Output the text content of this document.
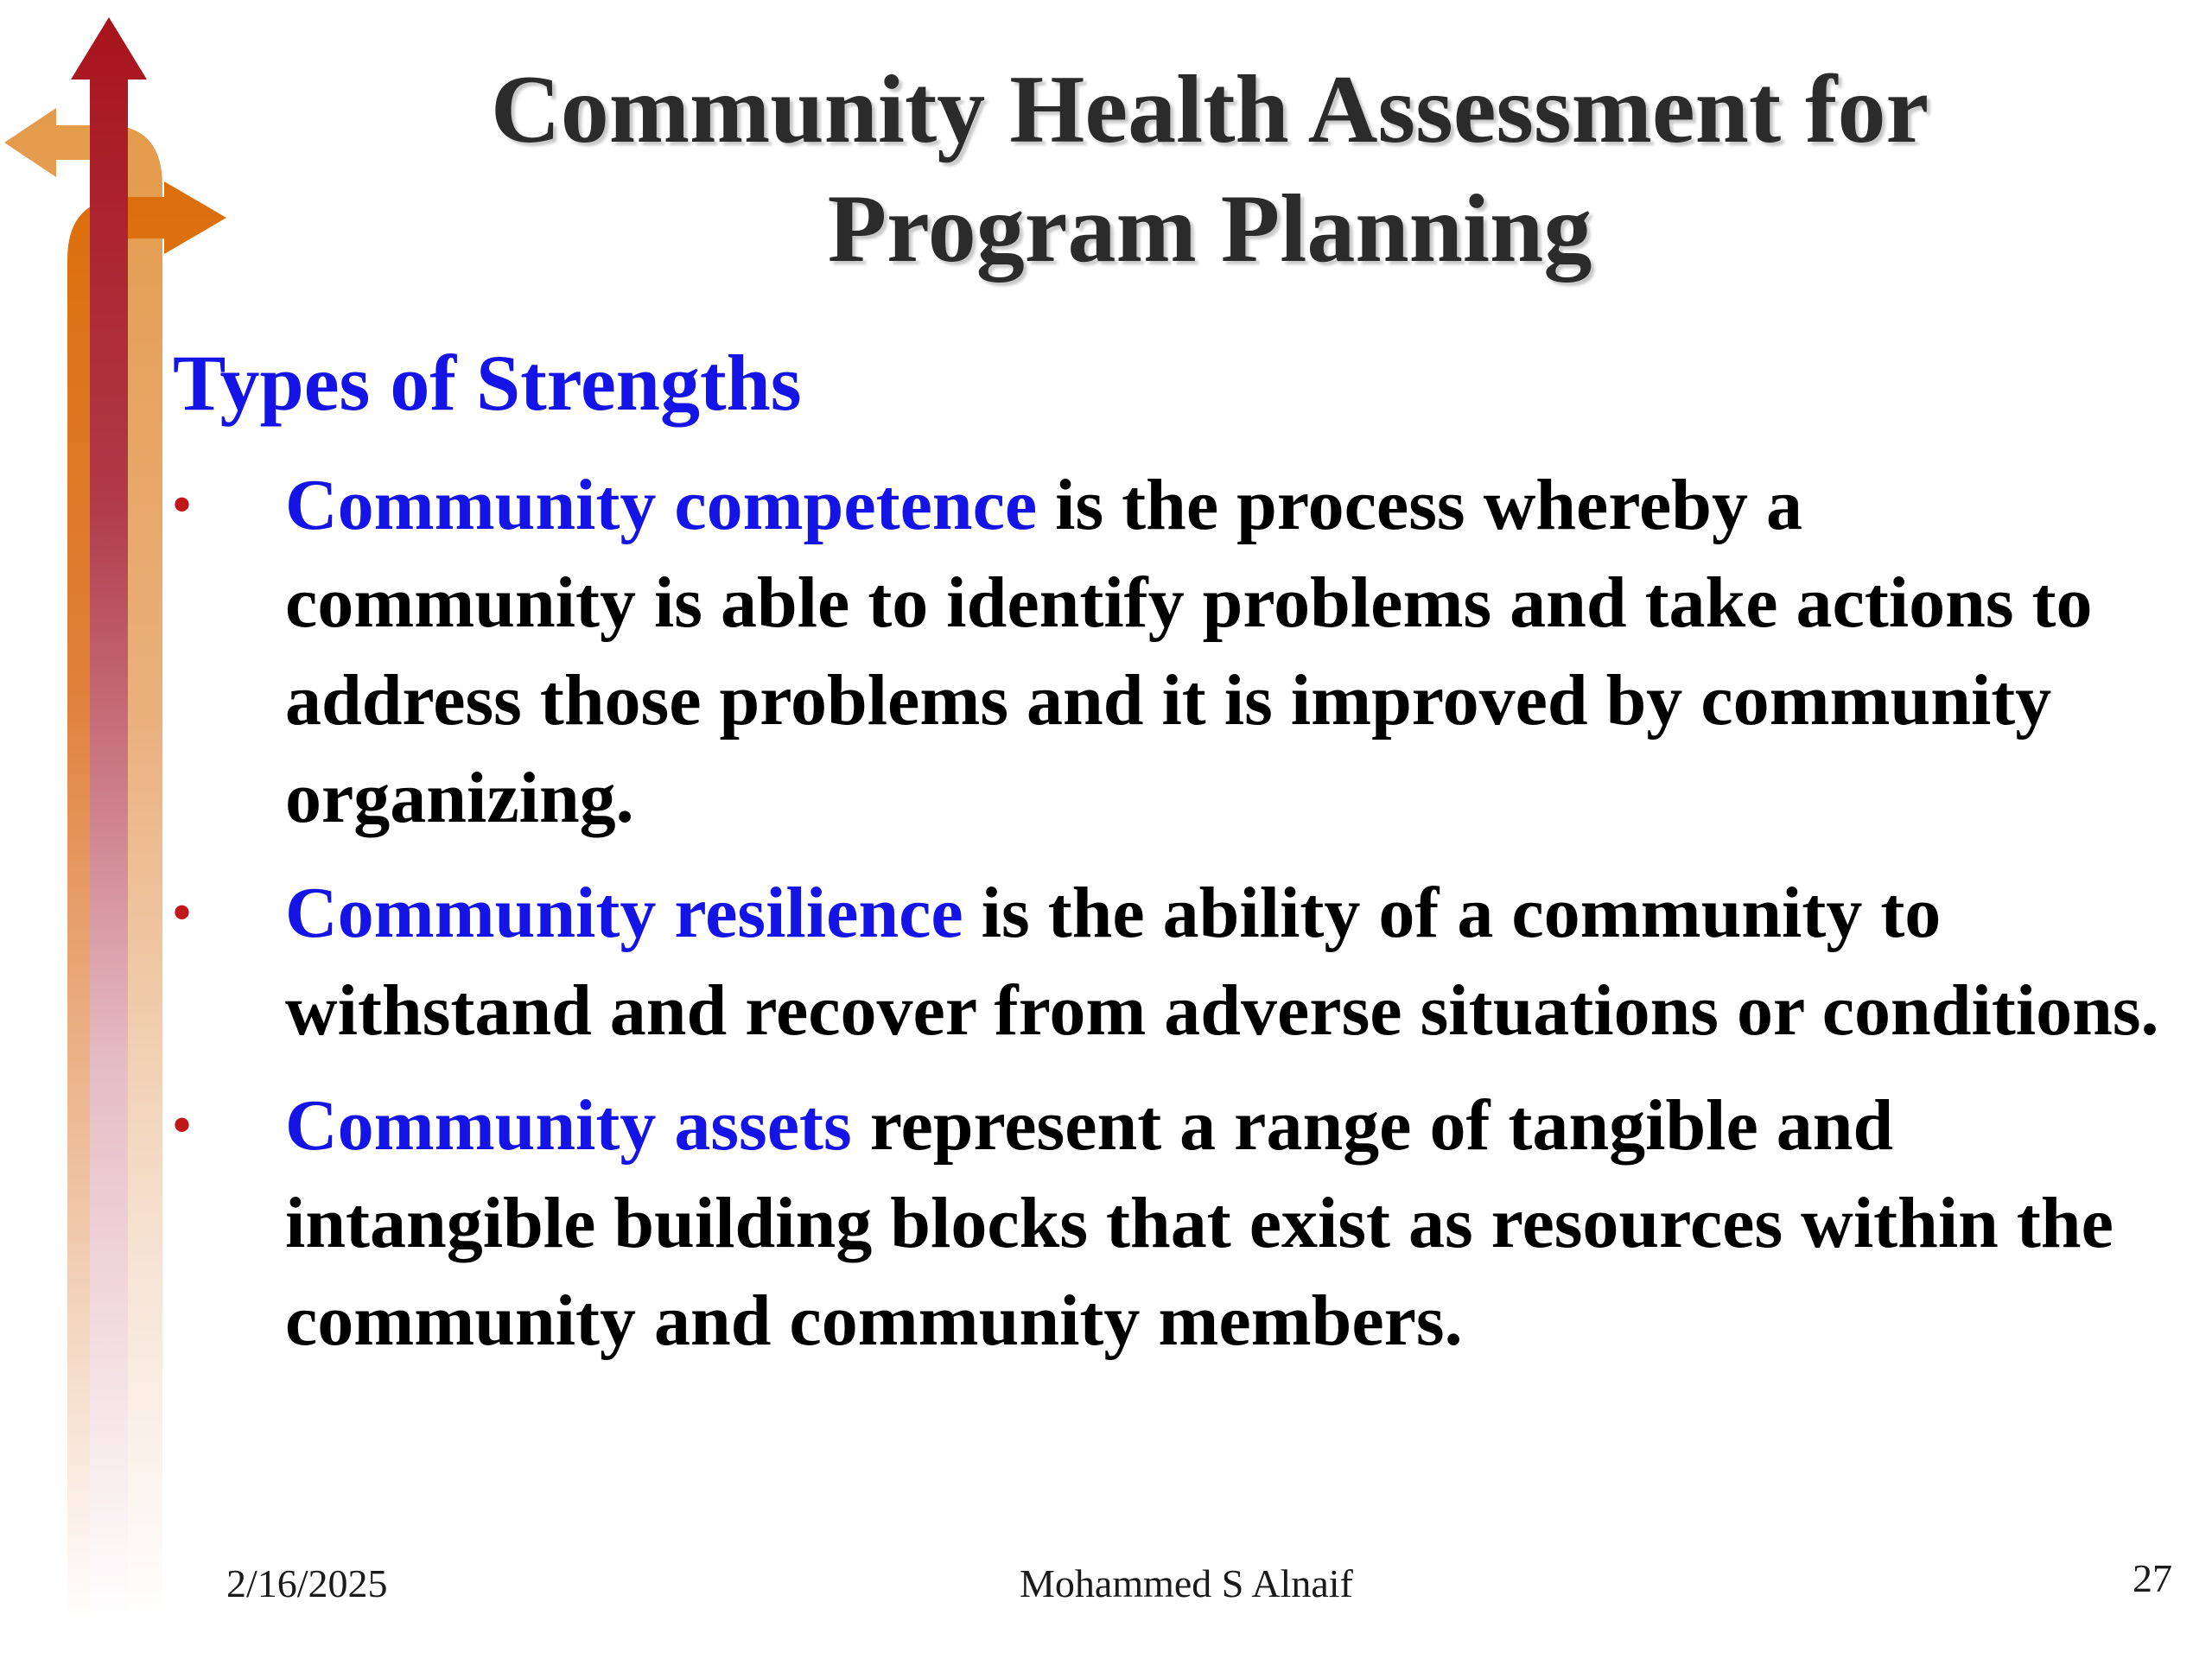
Community Health Assessment for
Program Planning
Types of Strengths
• Community competence is the process whereby a community is able to identify problems and take actions to address those problems and it is improved by community organizing.
• Community resilience is the ability of a community to withstand and recover from adverse situations or conditions.
• Community assets represent a range of tangible and intangible building blocks that exist as resources within the community and community members.
2/16/2025	Mohammed S Alnaif	27
